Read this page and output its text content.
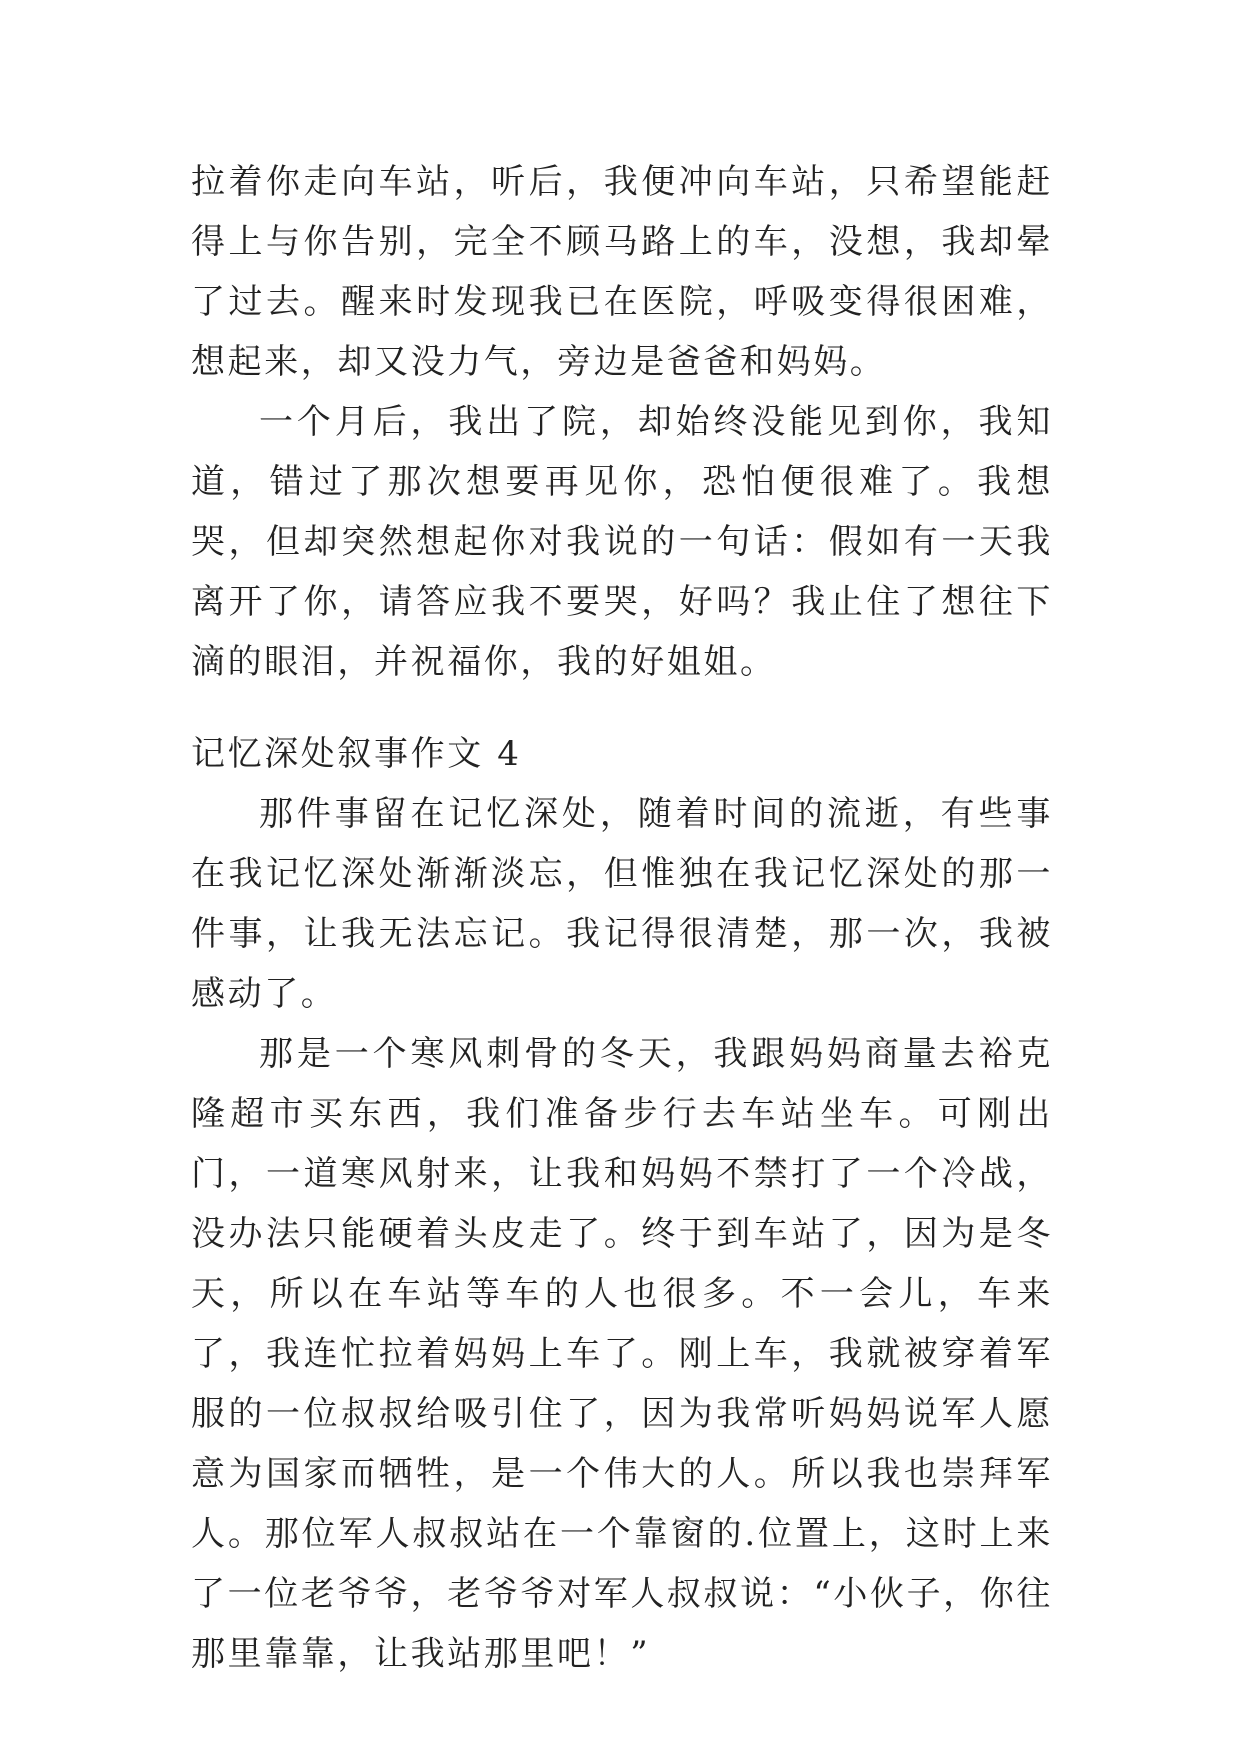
拉着你走向车站，听后，我便冲向车站，只希望能赶得上与你告别，完全不顾马路上的车，没想，我却晕了过去。醒来时发现我已在医院，呼吸变得很困难，想起来，却又没力气，旁边是爸爸和妈妈。

一个月后，我出了院，却始终没能见到你，我知道，错过了那次想要再见你，恐怕便很难了。我想哭，但却突然想起你对我说的一句话：假如有一天我离开了你，请答应我不要哭，好吗？我止住了想往下滴的眼泪，并祝福你，我的好姐姐。

记忆深处叙事作文 4

那件事留在记忆深处，随着时间的流逝，有些事在我记忆深处渐渐淡忘，但惟独在我记忆深处的那一件事，让我无法忘记。我记得很清楚，那一次，我被感动了。

那是一个寒风刺骨的冬天，我跟妈妈商量去裕克隆超市买东西，我们准备步行去车站坐车。可刚出门，一道寒风射来，让我和妈妈不禁打了一个冷战，没办法只能硬着头皮走了。终于到车站了，因为是冬天，所以在车站等车的人也很多。不一会儿，车来了，我连忙拉着妈妈上车了。刚上车，我就被穿着军服的一位叔叔给吸引住了，因为我常听妈妈说军人愿意为国家而牺牲，是一个伟大的人。所以我也崇拜军人。那位军人叔叔站在一个靠窗的.位置上，这时上来了一位老爷爷，老爷爷对军人叔叔说：“小伙子，你往那里靠靠，让我站那里吧！”
